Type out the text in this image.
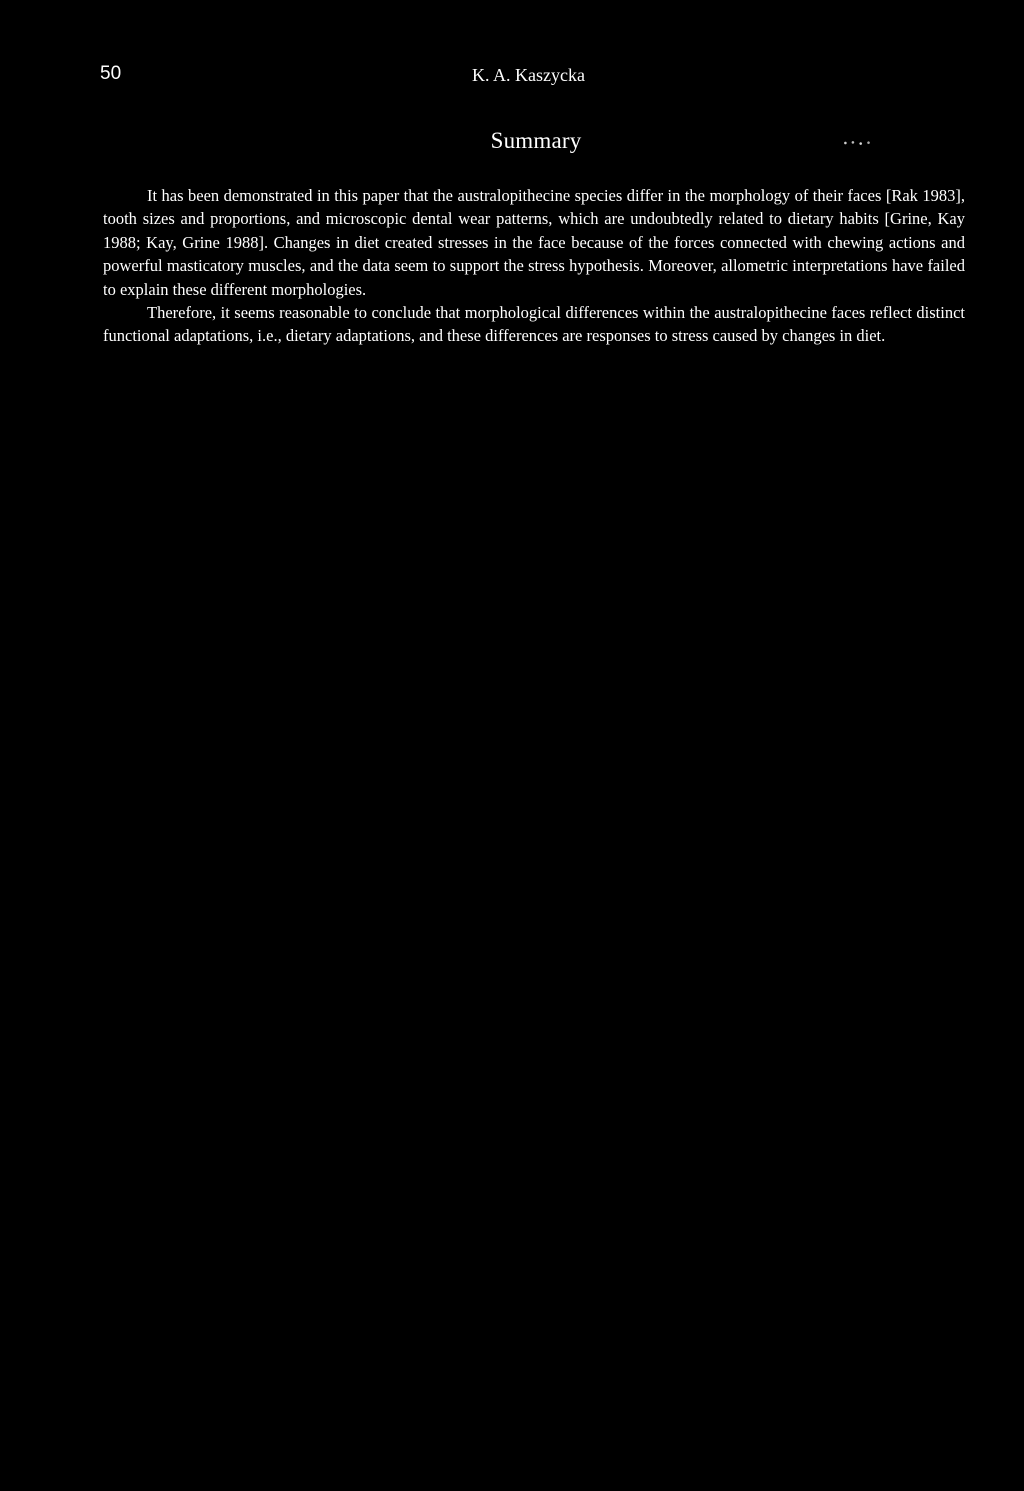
50	K. A. Kaszycka
Summary

It has been demonstrated in this paper that the australopithecine species differ in the morphology of their faces [Rak 1983], tooth sizes and proportions, and microscopic dental wear patterns, which are undoubtedly related to dietary habits [Grine, Kay 1988; Kay, Grine 1988]. Changes in diet created stresses in the face because of the forces connected with chewing actions and powerful masticatory muscles, and the data seem to support the stress hypothesis. Moreover, allometric interpretations have failed to explain these different morphologies.

Therefore, it seems reasonable to conclude that morphological differences within the australopithecine faces reflect distinct functional adaptations, i.e., dietary adaptations, and these differences are responses to stress caused by changes in diet.
